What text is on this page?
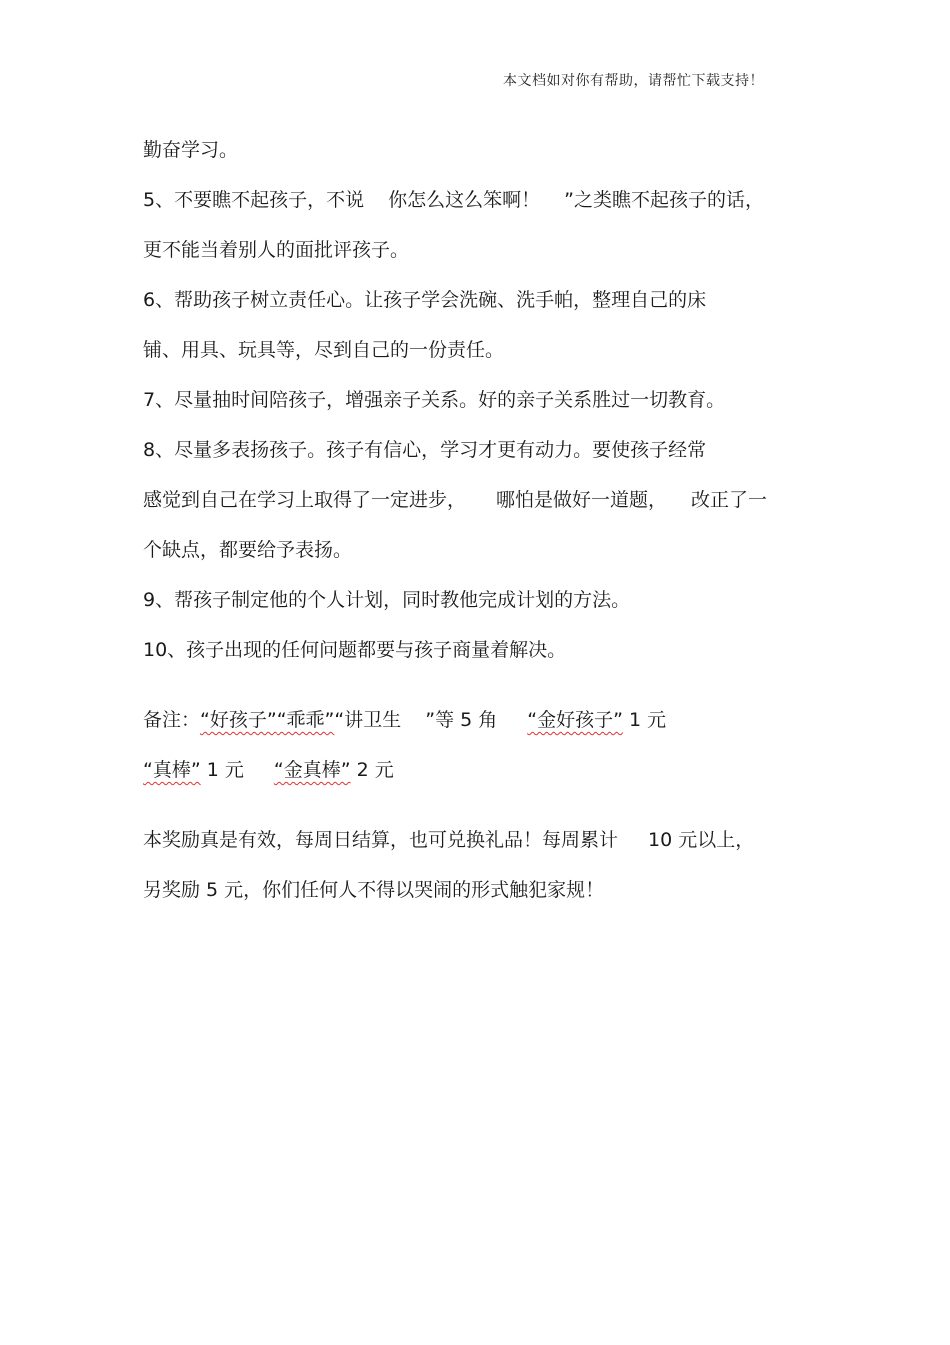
本文档如对你有帮助，请帮忙下载支持！
勤奋学习。
5、不要瞧不起孩子，不说 你怎么这么笨啊！ ”之类瞧不起孩子的话，
更不能当着别人的面批评孩子。
6、帮助孩子树立责任心。让孩子学会洗碗、洗手帕，整理自己的床
铺、用具、玩具等，尽到自己的一份责任。
7、尽量抽时间陪孩子，增强亲子关系。好的亲子关系胜过一切教育。
8、尽量多表扬孩子。孩子有信心，学习才更有动力。要使孩子经常
感觉到自己在学习上取得了一定进步， 哪怕是做好一道题， 改正了一
个缺点，都要给予表扬。
9、帮孩子制定他的个人计划，同时教他完成计划的方法。
10、孩子出现的任何问题都要与孩子商量着解决。
备注：“好孩子”“乖乖”“讲卫生 ”等 5 角 “金好孩子” 1 元
“真棒” 1 元 “金真棒” 2 元
本奖励真是有效，每周日结算，也可兑换礼品！每周累计 10 元以上，
另奖励 5 元，你们任何人不得以哭闹的形式触犯家规！
